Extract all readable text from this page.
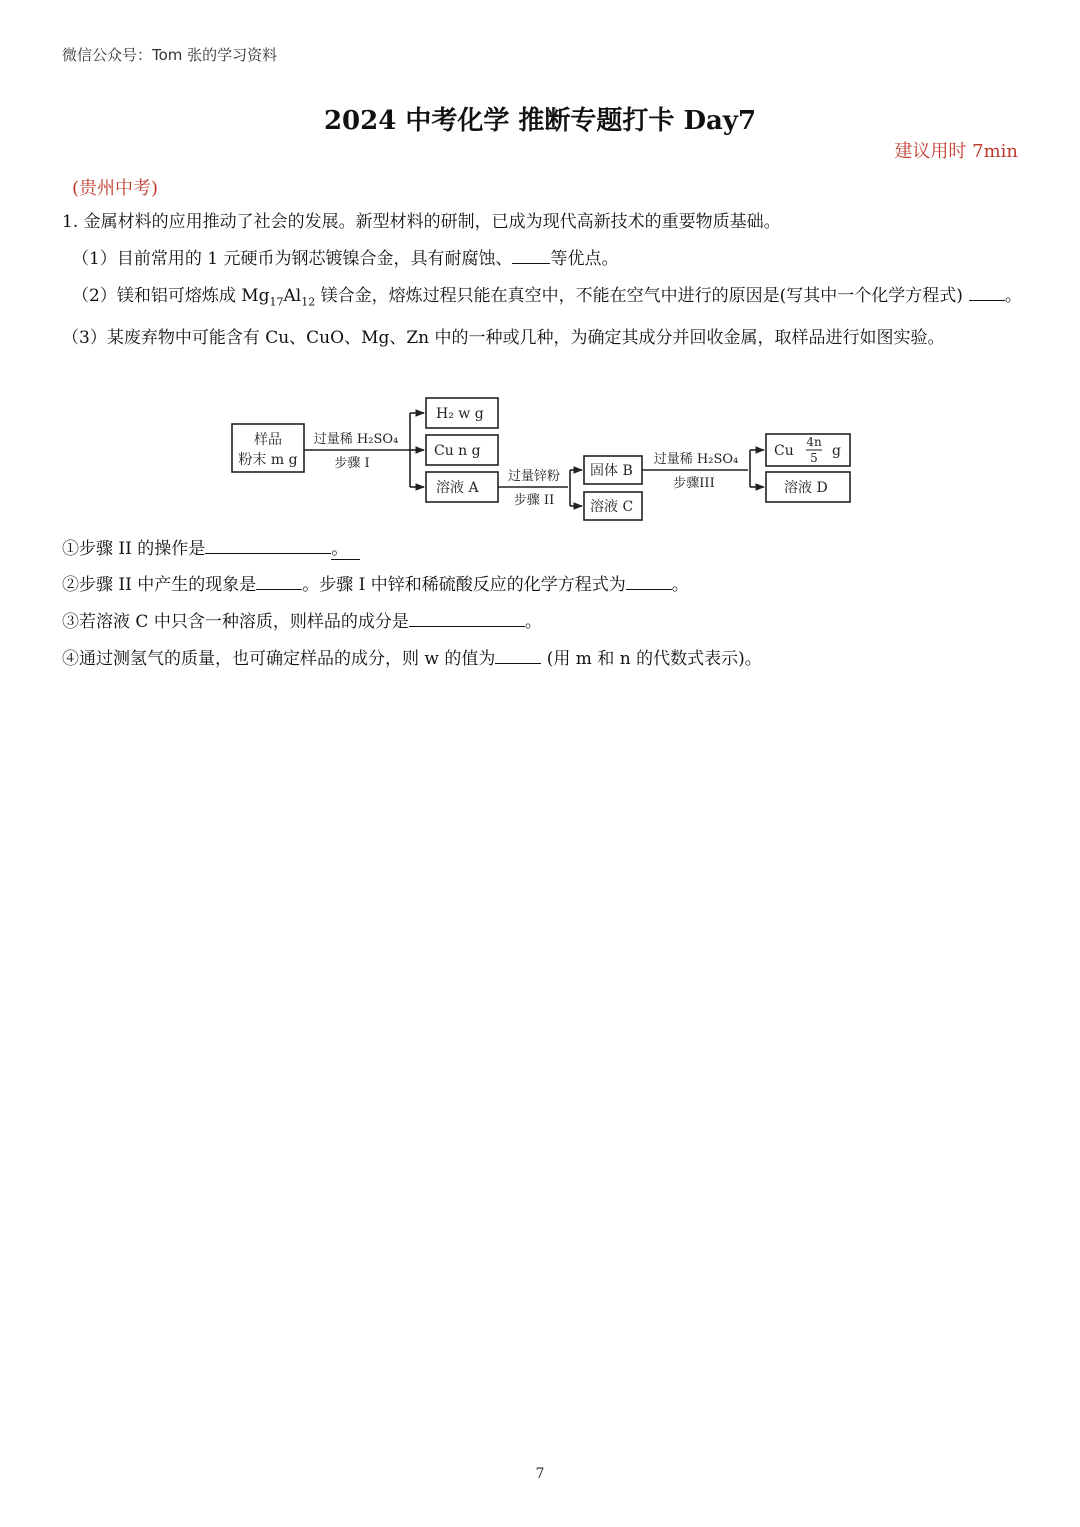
微信公众号：Tom 张的学习资料
2024 中考化学 推断专题打卡 Day7
建议用时 7min
(贵州中考)
1. 金属材料的应用推动了社会的发展。新型材料的研制，已成为现代高新技术的重要物质基础。
（1）目前常用的 1 元硬币为钢芯镀镍合金，具有耐腐蚀、 等优点。
（2）镁和铝可熔炼成 $Mg_{17}Al_{12}$ 镁合金，熔炼过程只能在真空中，不能在空气中进行的原因是(写其中一个化学方程式) 。（3）某废弃物中可能含有 Cu、CuO、Mg、Zn 中的一种或几种，为确定其成分并回收金属，取样品进行如图实验。
样品
粉末 m g
过量稀 H₂SO₄
步骤 I
H₂ w g
Cu n g
溶液 A
过量锌粉
步骤 II
固体 B
溶液 C
过量稀 H₂SO₄
步骤III
Cu
4n
5 g
溶液 D
①步骤 II 的操作是	。
②步骤 II 中产生的现象是	。步骤 I 中锌和稀硫酸反应的化学方程式为	。
③若溶液 C 中只含一种溶质，则样品的成分是	。
④通过测氢气的质量，也可确定样品的成分，则 w 的值为	(用 m 和 n 的代数式表示)。
7
